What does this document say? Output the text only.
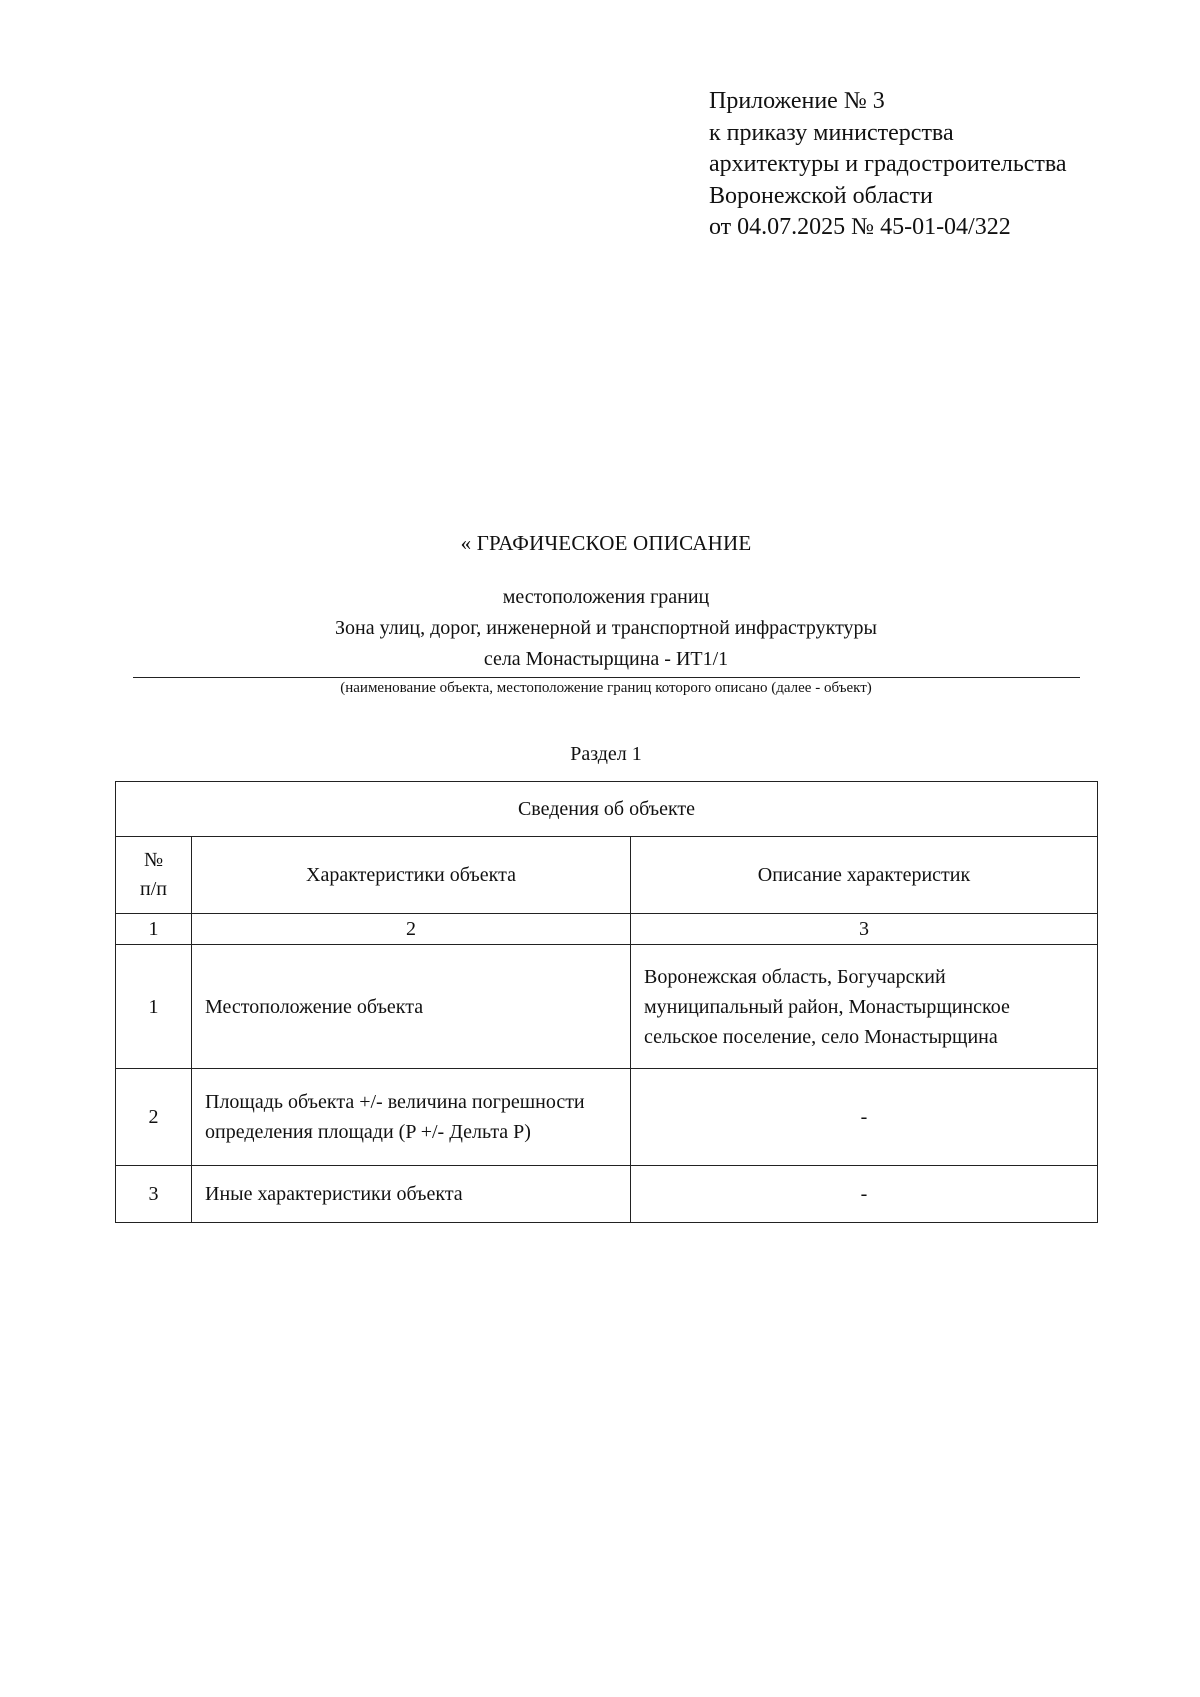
Приложение № 3
к приказу министерства
архитектуры и градостроительства
Воронежской области
от 04.07.2025 № 45-01-04/322
« ГРАФИЧЕСКОЕ ОПИСАНИЕ
местоположения границ
Зона улиц, дорог, инженерной и транспортной инфраструктуры
села Монастырщина - ИТ1/1
(наименование объекта, местоположение границ которого описано (далее - объект)
Раздел 1
Сведения об объекте		

№
п/п	Характеристики объекта	Описание характеристик
1	2	3
1	Местоположение объекта	Воронежская область, Богучарский муниципальный район, Монастырщинское сельское поселение, село Монастырщина
2	Площадь объекта +/- величина погрешности определения площади (P +/- Дельта P)	-
3	Иные характеристики объекта	-
